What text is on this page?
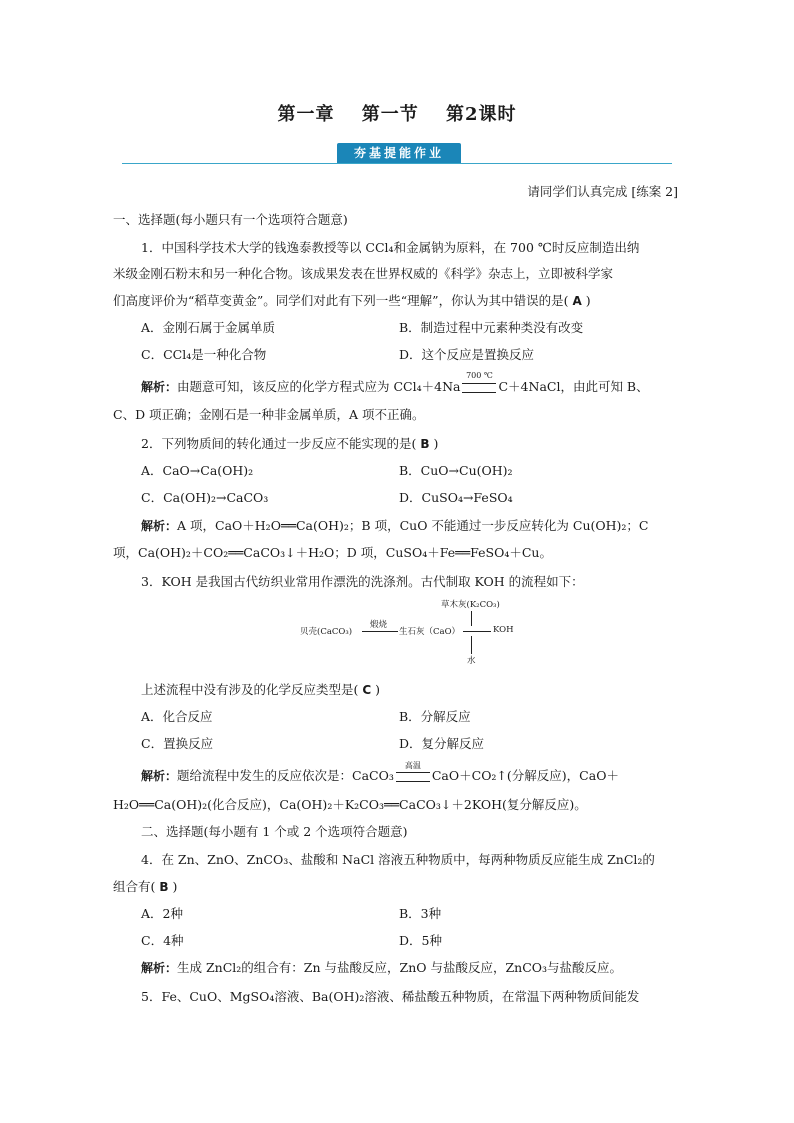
第一章 第一节 第2课时
夯基提能作业
请同学们认真完成 [练案 2]
一、选择题(每小题只有一个选项符合题意)
1．中国科学技术大学的钱逸泰教授等以 CCl₄和金属钠为原料，在 700 ℃时反应制造出纳
米级金刚石粉末和另一种化合物。该成果发表在世界权威的《科学》杂志上，立即被科学家
们高度评价为“稻草变黄金”。同学们对此有下列一些“理解”，你认为其中错误的是( A )
A．金刚石属于金属单质	B．制造过程中元素种类没有改变
C．CCl₄是一种化合物	D．这个反应是置换反应
解析：由题意可知，该反应的化学方程式应为 CCl₄＋4Na
700 ℃
C＋4NaCl，由此可知 B、
C、D 项正确；金刚石是一种非金属单质，A 项不正确。
2．下列物质间的转化通过一步反应不能实现的是( B )
A．CaO→Ca(OH)₂	B．CuO→Cu(OH)₂
C．Ca(OH)₂→CaCO₃	D．CuSO₄→FeSO₄
解析：A 项，CaO＋H₂O══Ca(OH)₂；B 项，CuO 不能通过一步反应转化为 Cu(OH)₂；C
项，Ca(OH)₂＋CO₂══CaCO₃↓＋H₂O；D 项，CuSO₄＋Fe══FeSO₄＋Cu。
3．KOH 是我国古代纺织业常用作漂洗的洗涤剂。古代制取 KOH 的流程如下：
草木灰(K₂CO₃)
贝壳(CaCO₃)
煅烧
生石灰（CaO）	KOH
水
上述流程中没有涉及的化学反应类型是( C )
A．化合反应	B．分解反应
C．置换反应	D．复分解反应
解析：题给流程中发生的反应依次是：CaCO₃
高温
CaO＋CO₂↑(分解反应)，CaO＋
H₂O══Ca(OH)₂(化合反应)，Ca(OH)₂＋K₂CO₃══CaCO₃↓＋2KOH(复分解反应)。
二、选择题(每小题有 1 个或 2 个选项符合题意)
4．在 Zn、ZnO、ZnCO₃、盐酸和 NaCl 溶液五种物质中，每两种物质反应能生成 ZnCl₂的
组合有( B )
A．2种	B．3种
C．4种	D．5种
解析：生成 ZnCl₂的组合有：Zn 与盐酸反应，ZnO 与盐酸反应，ZnCO₃与盐酸反应。
5．Fe、CuO、MgSO₄溶液、Ba(OH)₂溶液、稀盐酸五种物质，在常温下两种物质间能发
